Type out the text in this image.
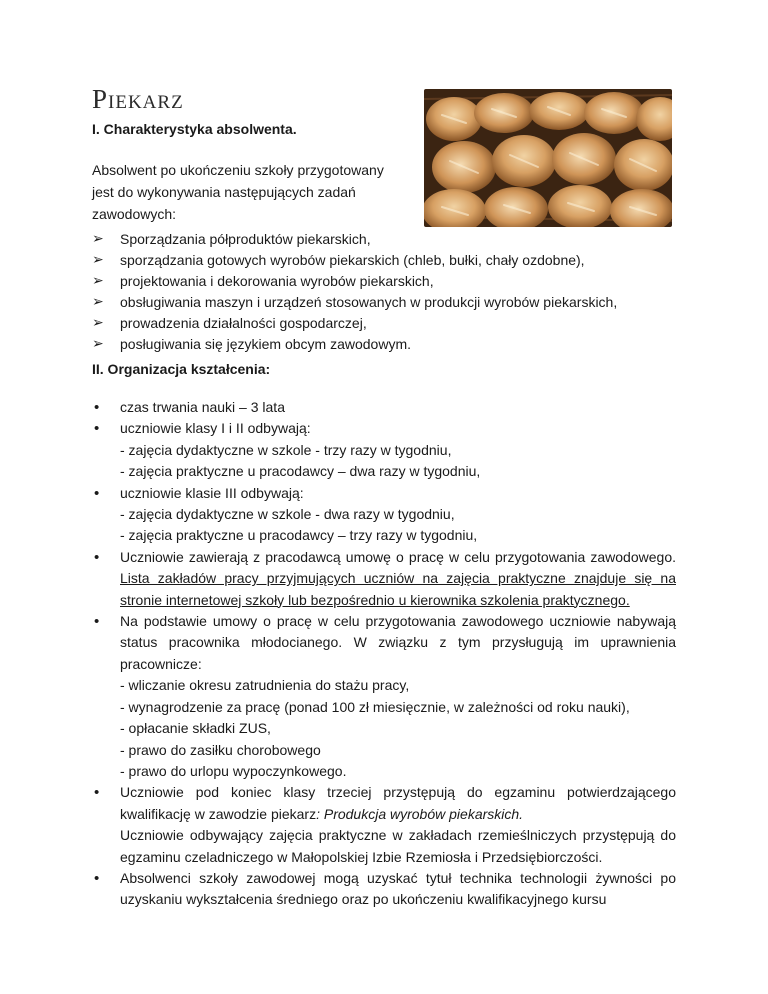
Piekarz
I. Charakterystyka absolwenta.

Absolwent po ukończeniu szkoły przygotowany jest do wykonywania następujących zadań zawodowych:

➢ Sporządzania półproduktów piekarskich,
➢ sporządzania gotowych wyrobów piekarskich (chleb, bułki, chały ozdobne),
➢ projektowania i dekorowania wyrobów piekarskich,
➢ obsługiwania maszyn i urządzeń stosowanych w produkcji wyrobów piekarskich,
➢ prowadzenia działalności gospodarczej,
➢ posługiwania się językiem obcym zawodowym.
II. Organizacja kształcenia:
• czas trwania nauki – 3 lata
• uczniowie klasy I i II odbywają:
- zajęcia dydaktyczne w szkole - trzy razy w tygodniu,
- zajęcia praktyczne u pracodawcy – dwa razy w tygodniu,
• uczniowie klasie III odbywają:
- zajęcia dydaktyczne w szkole - dwa razy w tygodniu,
- zajęcia praktyczne u pracodawcy – trzy razy w tygodniu,
• Uczniowie zawierają z pracodawcą umowę o pracę w celu przygotowania zawodowego. Lista zakładów pracy przyjmujących uczniów na zajęcia praktyczne znajduje się na stronie internetowej szkoły lub bezpośrednio u kierownika szkolenia praktycznego.
• Na podstawie umowy o pracę w celu przygotowania zawodowego uczniowie nabywają status pracownika młodocianego. W związku z tym przysługują im uprawnienia pracownicze:
- wliczanie okresu zatrudnienia do stażu pracy,
- wynagrodzenie za pracę (ponad 100 zł miesięcznie, w zależności od roku nauki),
- opłacanie składki ZUS,
- prawo do zasiłku chorobowego
- prawo do urlopu wypoczynkowego.
• Uczniowie pod koniec klasy trzeciej przystępują do egzaminu potwierdzającego kwalifikację w zawodzie piekarz: Produkcja wyrobów piekarskich.
Uczniowie odbywający zajęcia praktyczne w zakładach rzemieślniczych przystępują do egzaminu czeladniczego w Małopolskiej Izbie Rzemiosła i Przedsiębiorczości.
• Absolwenci szkoły zawodowej mogą uzyskać tytuł technika technologii żywności po uzyskaniu wykształcenia średniego oraz po ukończeniu kwalifikacyjnego kursu
